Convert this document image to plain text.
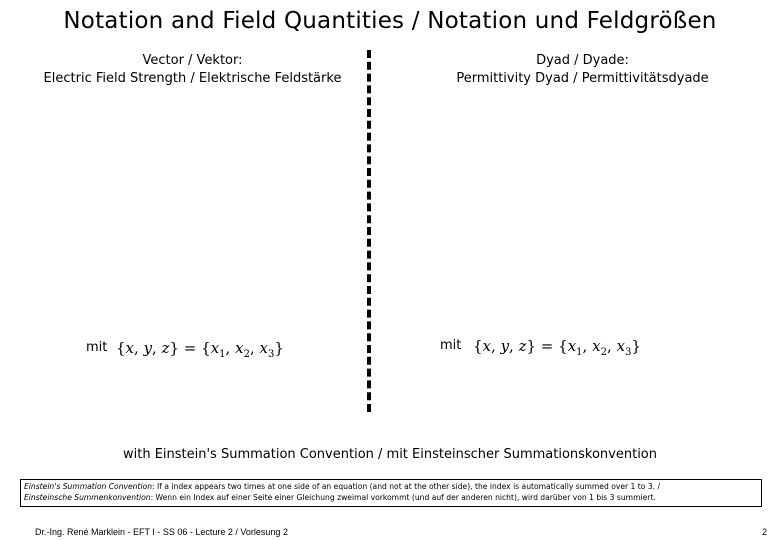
Notation and Field Quantities / Notation und Feldgrößen
Vector / Vektor:
Electric Field Strength / Elektrische Feldstärke
Dyad / Dyade:
Permittivity Dyad / Permittivitätsdyade
mit {x, y, $z\} = \{x_1$, $x_2$, $x_3$}	mit {x, y, $z\} = \{x_1$, $x_2$, $x_3$}
with Einstein's Summation Convention / mit Einsteinscher Summationskonvention
Einstein's Summation Convention: If a index appears two times at one side of an equation (and not at the other side), the index is automatically summed over 1 to 3. /
Einsteinsche Summenkonvention: Wenn ein Index auf einer Seite einer Gleichung zweimal vorkommt (und auf der anderen nicht), wird darüber von 1 bis 3 summiert.
Dr.-Ing. René Marklein - EFT I - SS 06 - Lecture 2 / Vorlesung 2	2
